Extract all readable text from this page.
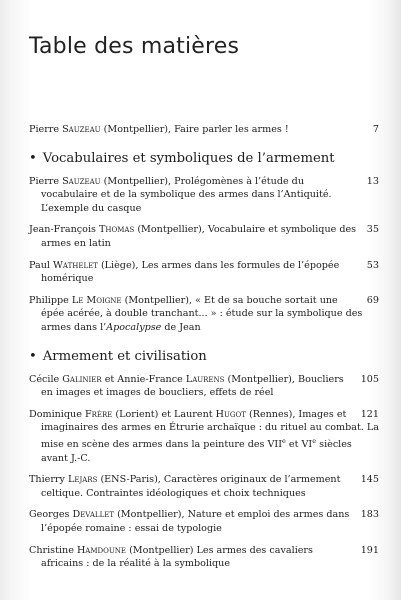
Table des matières
7
Pierre Sauzeau (Montpellier), Faire parler les armes !
• Vocabulaires et symboliques de l’armement
13
Pierre Sauzeau (Montpellier), Prolégomènes à l’étude du vocabulaire et de la symbolique des armes dans l’Antiquité. L’exemple du casque
35
Jean-François Thomas (Montpellier), Vocabulaire et symbolique des armes en latin
53
Paul Wathelet (Liège), Les armes dans les formules de l’épopée homérique
69
Philippe Le Moigne (Montpellier), « Et de sa bouche sortait une épée acérée, à double tranchant... » : étude sur la symbolique des armes dans l’Apocalypse de Jean
• Armement et civilisation
105
Cécile Galinier et Annie-France Laurens (Montpellier), Boucliers en images et images de boucliers, effets de réel
121
Dominique Frère (Lorient) et Laurent Hugot (Rennes), Images et imaginaires des armes en Étrurie archaïque : du rituel au combat. La mise en scène des armes dans la peinture des VIIe et VIe siècles avant J.-C.
145
Thierry Lejars (ENS-Paris), Caractères originaux de l’armement celtique. Contraintes idéologiques et choix techniques
183
Georges Devallet (Montpellier), Nature et emploi des armes dans l’épopée romaine : essai de typologie
191
Christine Hamdoune (Montpellier) Les armes des cavaliers africains : de la réalité à la symbolique
